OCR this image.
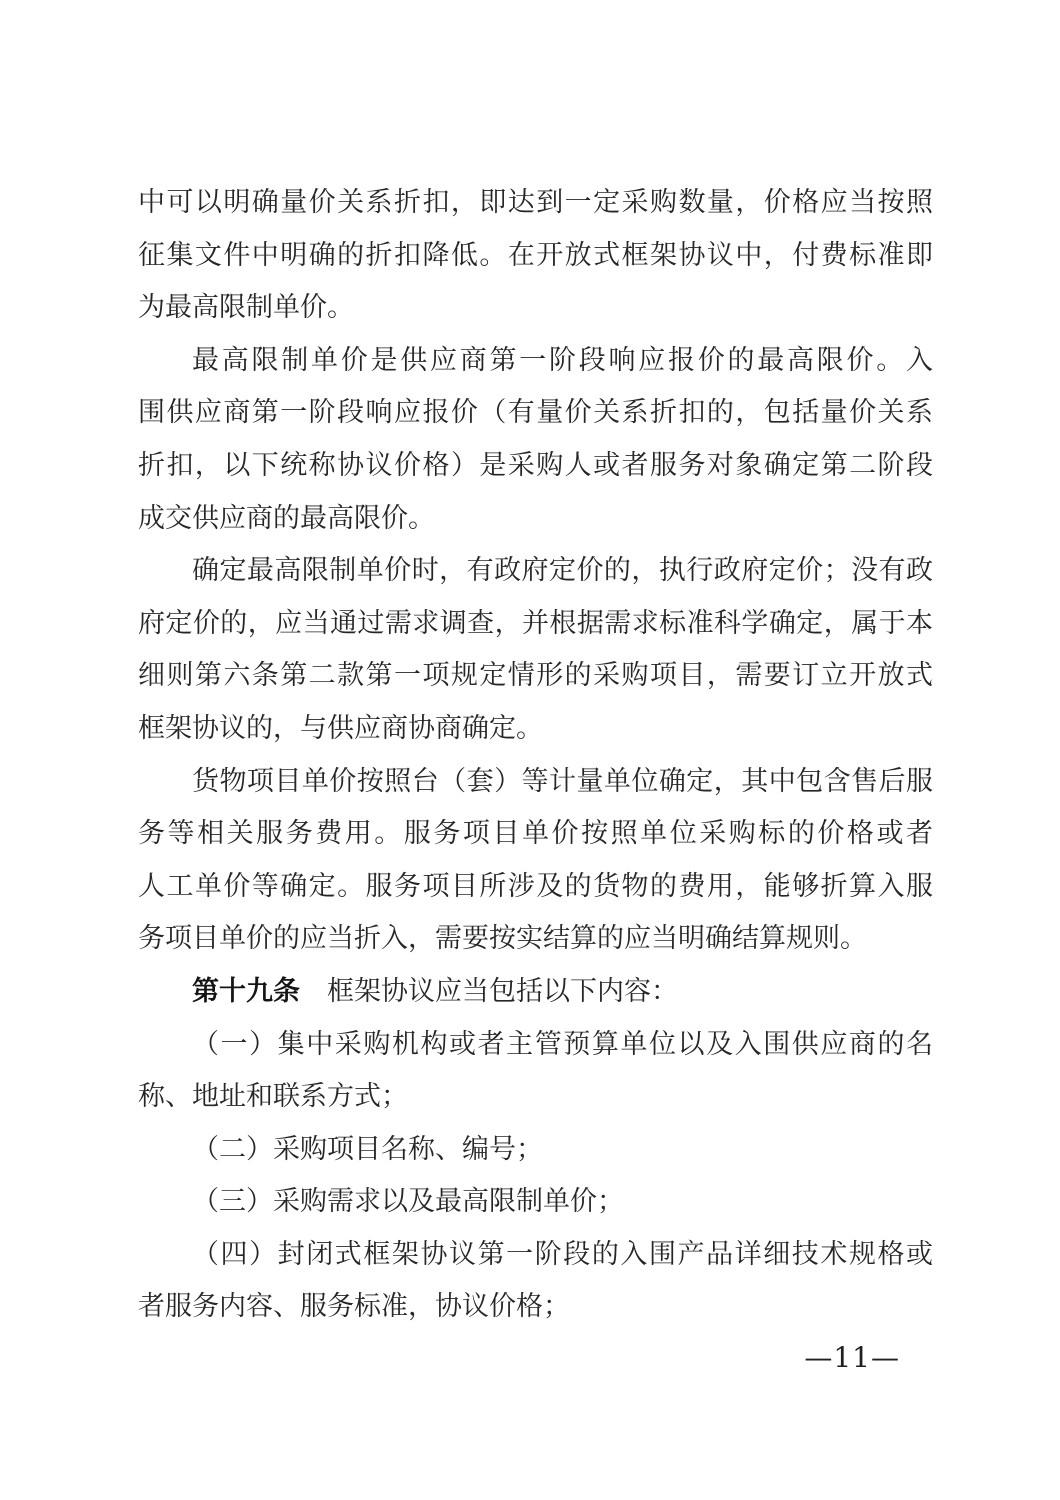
中可以明确量价关系折扣，即达到一定采购数量，价格应当按照
征集文件中明确的折扣降低。在开放式框架协议中，付费标准即
为最高限制单价。
最高限制单价是供应商第一阶段响应报价的最高限价。入
围供应商第一阶段响应报价（有量价关系折扣的，包括量价关系
折扣，以下统称协议价格）是采购人或者服务对象确定第二阶段
成交供应商的最高限价。
确定最高限制单价时，有政府定价的，执行政府定价；没有政
府定价的，应当通过需求调查，并根据需求标准科学确定，属于本
细则第六条第二款第一项规定情形的采购项目，需要订立开放式
框架协议的，与供应商协商确定。
货物项目单价按照台（套）等计量单位确定，其中包含售后服
务等相关服务费用。服务项目单价按照单位采购标的价格或者
人工单价等确定。服务项目所涉及的货物的费用，能够折算入服
务项目单价的应当折入，需要按实结算的应当明确结算规则。
第十九条　框架协议应当包括以下内容：
（一）集中采购机构或者主管预算单位以及入围供应商的名
称、地址和联系方式；
（二）采购项目名称、编号；
（三）采购需求以及最高限制单价；
（四）封闭式框架协议第一阶段的入围产品详细技术规格或
者服务内容、服务标准，协议价格；
—11—
